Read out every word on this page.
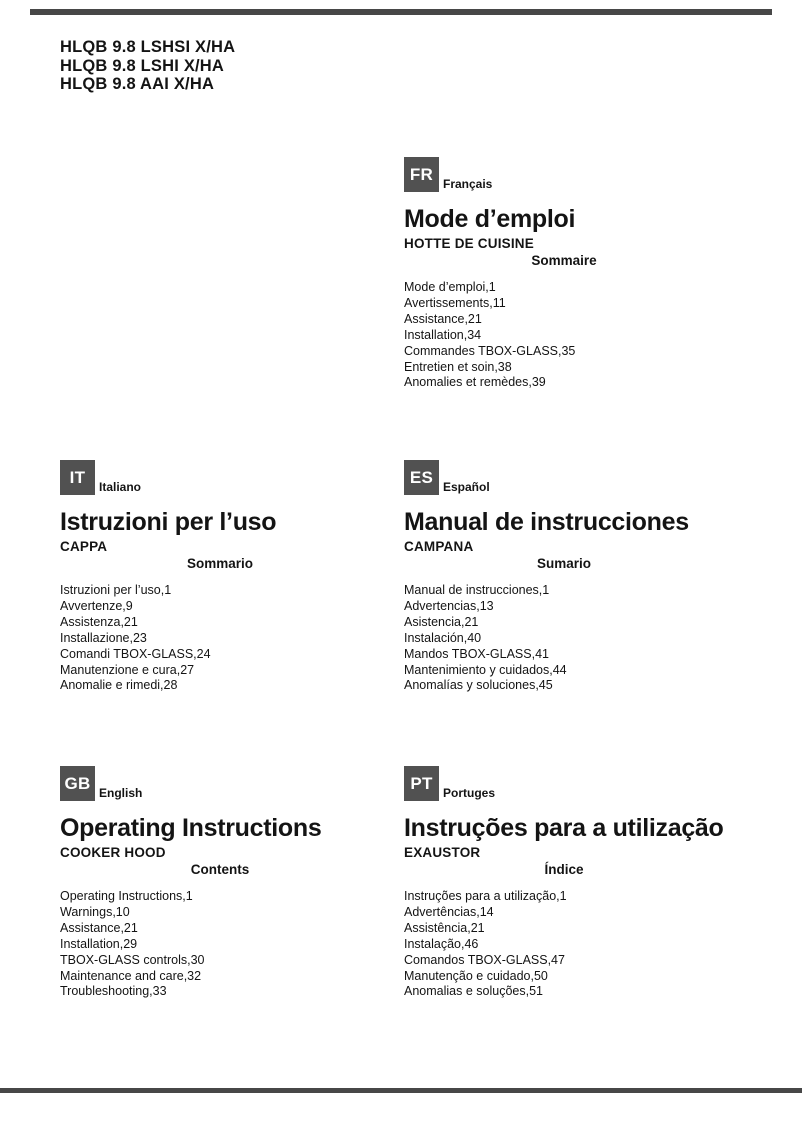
HLQB 9.8 LSHSI X/HA
HLQB 9.8 LSHI X/HA
HLQB 9.8 AAI X/HA
FR
Français
Mode d’emploi
HOTTE DE CUISINE
Sommaire
Mode d’emploi,1
Avertissements,11
Assistance,21
Installation,34
Commandes TBOX-GLASS,35
Entretien et soin,38
Anomalies et remèdes,39
IT
Italiano
Istruzioni per l’uso
CAPPA
Sommario
Istruzioni per l’uso,1
Avvertenze,9
Assistenza,21
Installazione,23
Comandi TBOX-GLASS,24
Manutenzione e cura,27
Anomalie e rimedi,28
ES
Español
Manual de instrucciones
CAMPANA
Sumario
Manual de instrucciones,1
Advertencias,13
Asistencia,21
Instalación,40
Mandos TBOX-GLASS,41
Mantenimiento y cuidados,44
Anomalías y soluciones,45
GB
English
Operating Instructions
COOKER HOOD
Contents
Operating Instructions,1
Warnings,10
Assistance,21
Installation,29
TBOX-GLASS controls,30
Maintenance and care,32
Troubleshooting,33
PT
Portuges
Instruções para a utilização
EXAUSTOR
Índice
Instruções para a utilização,1
Advertências,14
Assistência,21
Instalação,46
Comandos TBOX-GLASS,47
Manutenção e cuidado,50
Anomalias e soluções,51
